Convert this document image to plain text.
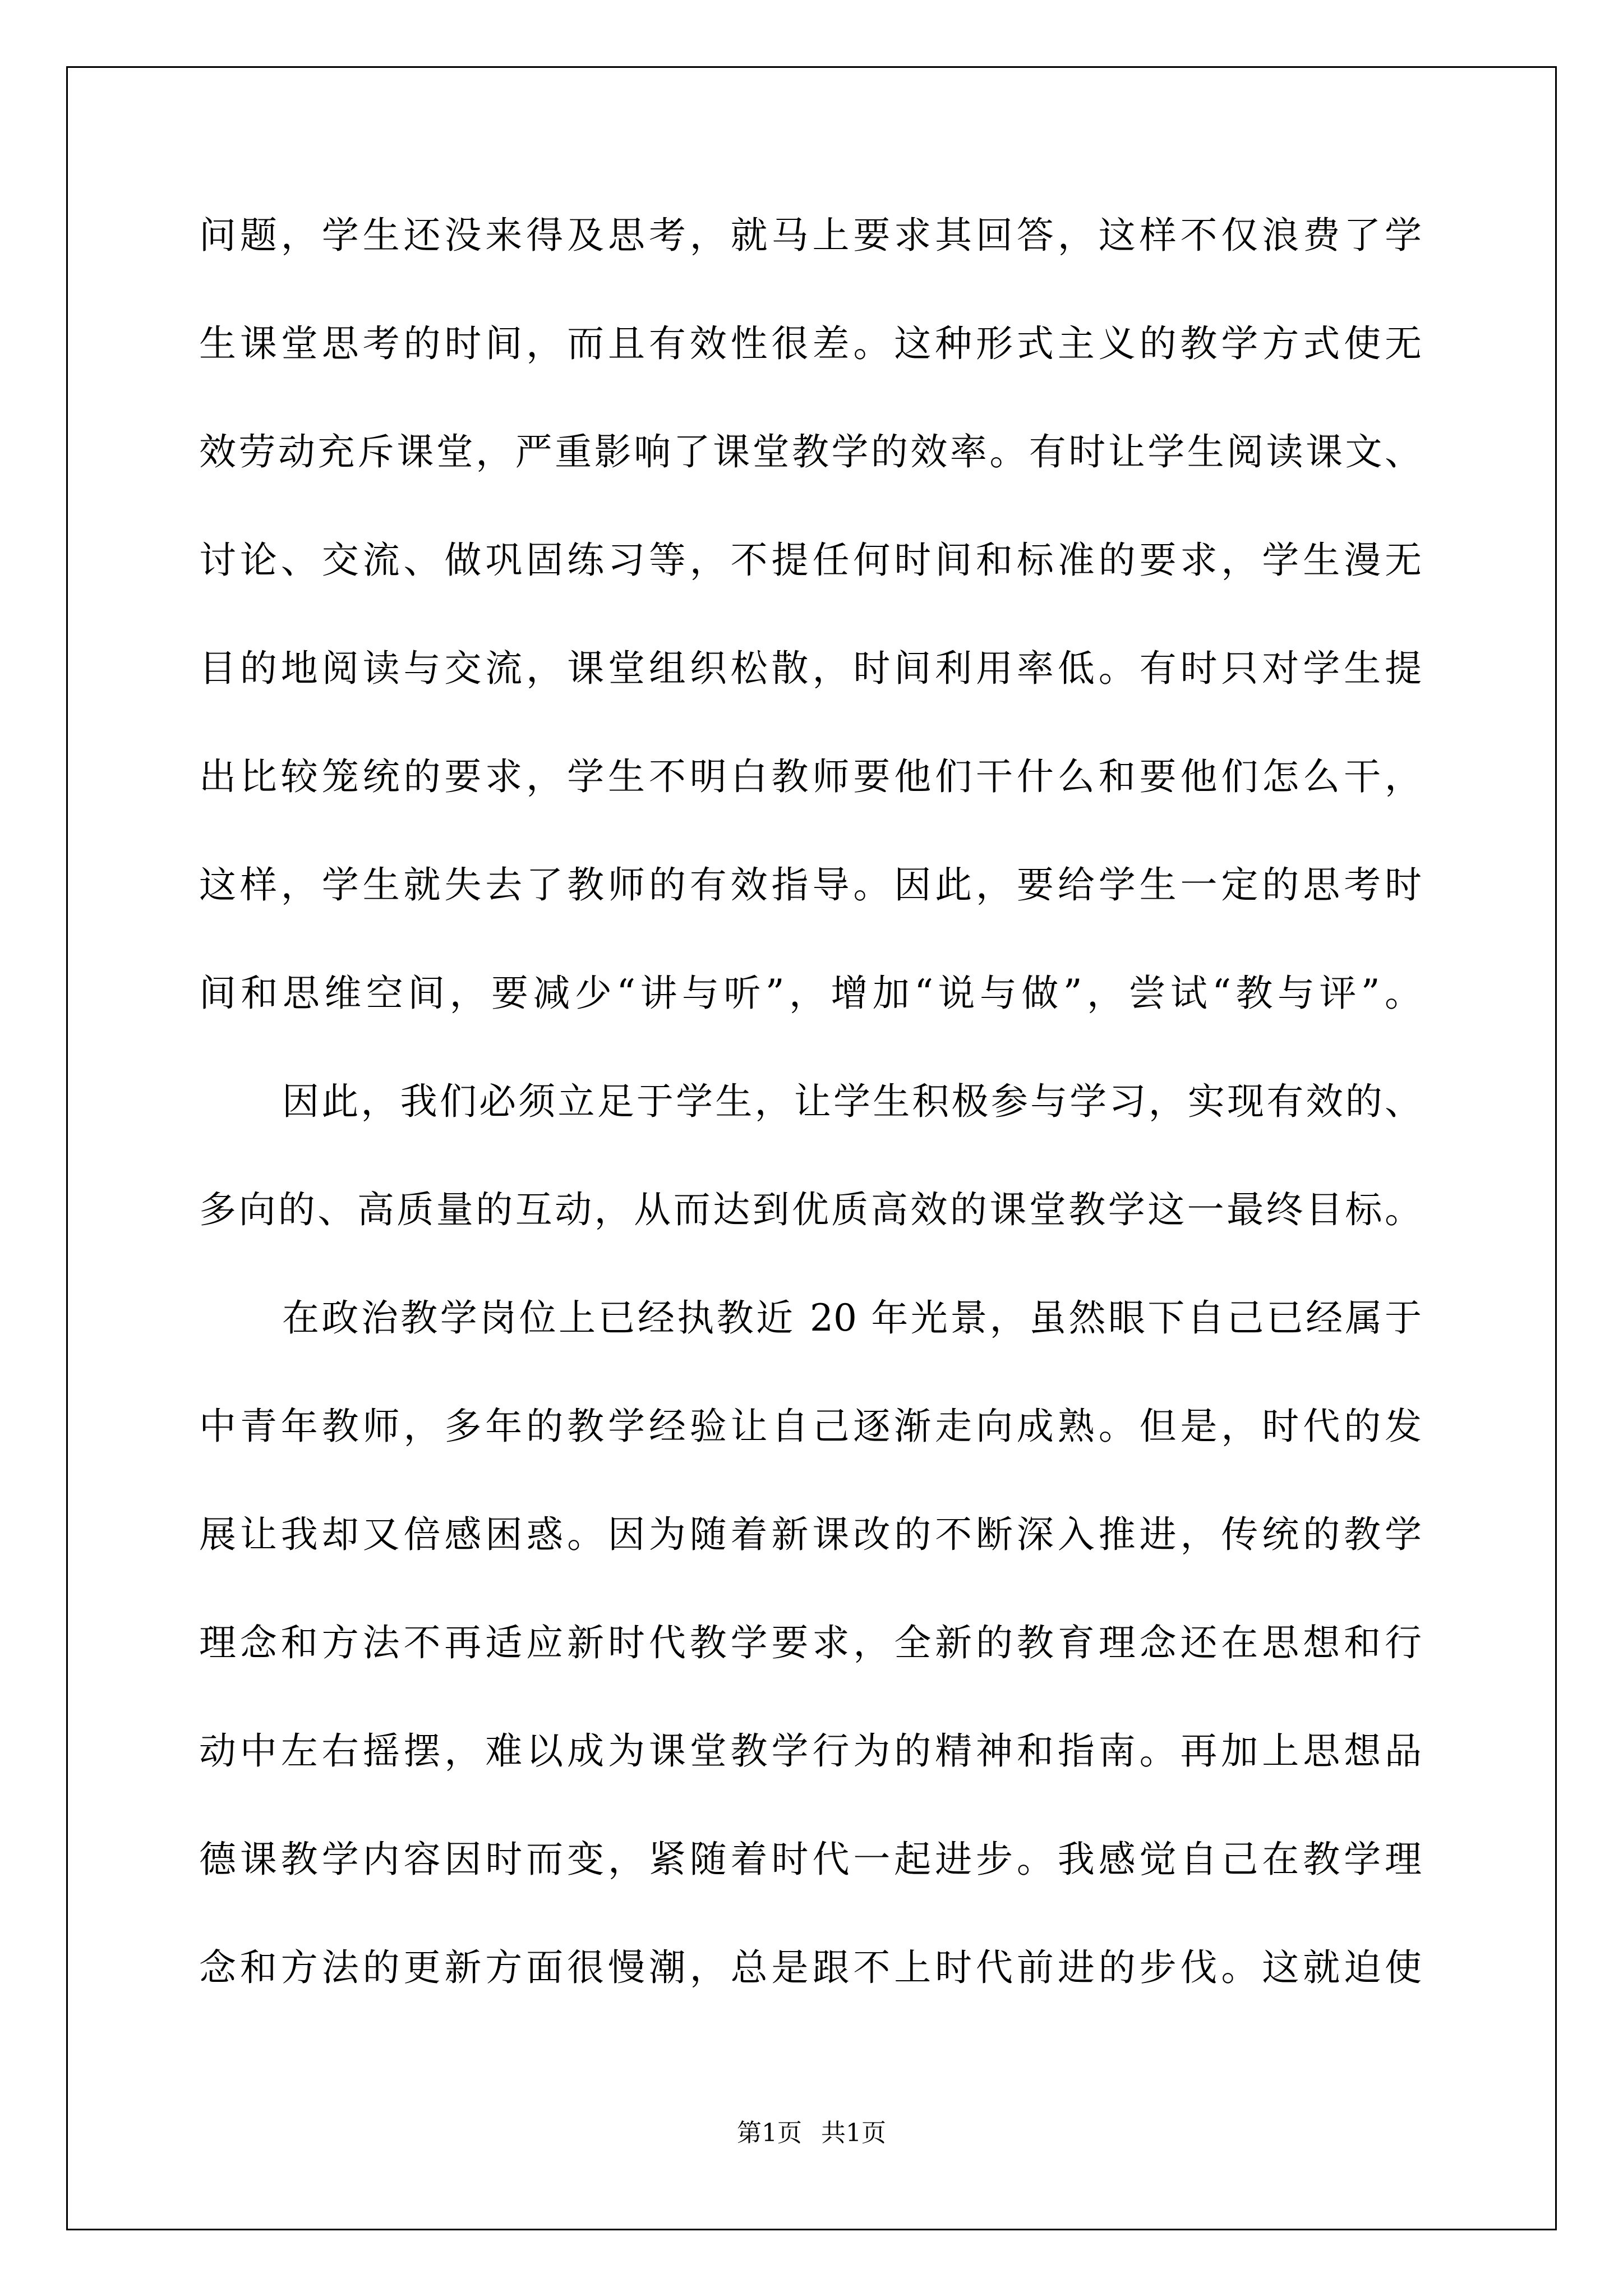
问题，学生还没来得及思考，就马上要求其回答，这样不仅浪费了学
生课堂思考的时间，而且有效性很差。这种形式主义的教学方式使无
效劳动充斥课堂，严重影响了课堂教学的效率。有时让学生阅读课文、
讨论、交流、做巩固练习等，不提任何时间和标准的要求，学生漫无
目的地阅读与交流，课堂组织松散，时间利用率低。有时只对学生提
出比较笼统的要求，学生不明白教师要他们干什么和要他们怎么干，
这样，学生就失去了教师的有效指导。因此，要给学生一定的思考时
间和思维空间，要减少“讲与听”，增加“说与做”，尝试“教与评”。
因此，我们必须立足于学生，让学生积极参与学习，实现有效的、
多向的、高质量的互动，从而达到优质高效的课堂教学这一最终目标。
在政治教学岗位上已经执教近 20 年光景，虽然眼下自己已经属于
中青年教师，多年的教学经验让自己逐渐走向成熟。但是，时代的发
展让我却又倍感困惑。因为随着新课改的不断深入推进，传统的教学
理念和方法不再适应新时代教学要求，全新的教育理念还在思想和行
动中左右摇摆，难以成为课堂教学行为的精神和指南。再加上思想品
德课教学内容因时而变，紧随着时代一起进步。我感觉自己在教学理
念和方法的更新方面很慢潮，总是跟不上时代前进的步伐。这就迫使
第1页 共1页
